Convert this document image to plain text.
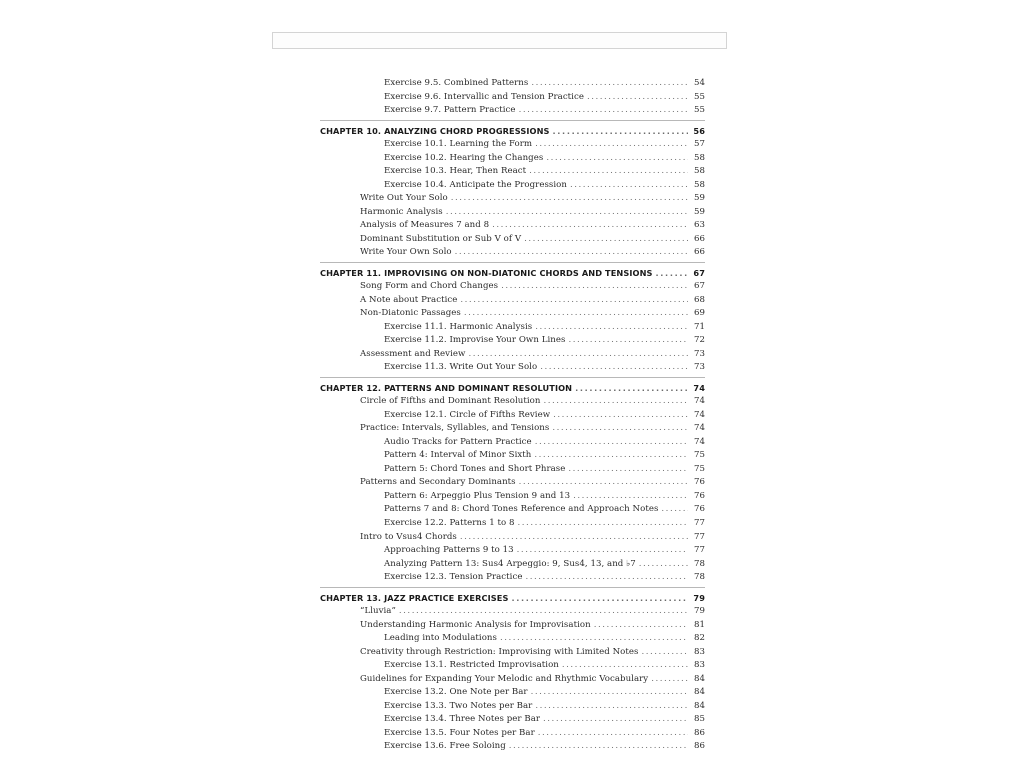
Exercise 9.5. Combined Patterns . . .	54
Exercise 9.6. Intervallic and Tension Practice . . .	55
Exercise 9.7. Pattern Practice . . .	55
CHAPTER 10. ANALYZING CHORD PROGRESSIONS . . .	56
Exercise 10.1. Learning the Form . . .	57
Exercise 10.2. Hearing the Changes . . .	58
Exercise 10.3. Hear, Then React . . .	58
Exercise 10.4. Anticipate the Progression . . .	58
Write Out Your Solo . . .	59
Harmonic Analysis . . .	59
Analysis of Measures 7 and 8 . . .	63
Dominant Substitution or Sub V of V . . .	66
Write Your Own Solo . . .	66
CHAPTER 11. IMPROVISING ON NON-DIATONIC CHORDS AND TENSIONS . . .	67
Song Form and Chord Changes . . .	67
A Note about Practice . . .	68
Non-Diatonic Passages . . .	69
Exercise 11.1. Harmonic Analysis . . .	71
Exercise 11.2. Improvise Your Own Lines . . .	72
Assessment and Review . . .	73
Exercise 11.3. Write Out Your Solo . . .	73
CHAPTER 12. PATTERNS AND DOMINANT RESOLUTION . . .	74
Circle of Fifths and Dominant Resolution . . .	74
Exercise 12.1. Circle of Fifths Review . . .	74
Practice: Intervals, Syllables, and Tensions . . .	74
Audio Tracks for Pattern Practice . . .	74
Pattern 4: Interval of Minor Sixth . . .	75
Pattern 5: Chord Tones and Short Phrase . . .	75
Patterns and Secondary Dominants . . .	76
Pattern 6: Arpeggio Plus Tension 9 and 13 . . .	76
Patterns 7 and 8: Chord Tones Reference and Approach Notes . . .	76
Exercise 12.2. Patterns 1 to 8 . . .	77
Intro to Vsus4 Chords . . .	77
Approaching Patterns 9 to 13 . . .	77
Analyzing Pattern 13: Sus4 Arpeggio: 9, Sus4, 13, and ♭7 . . .	78
Exercise 12.3. Tension Practice . . .	78
CHAPTER 13. JAZZ PRACTICE EXERCISES . . .	79
“Lluvia” . . .	79
Understanding Harmonic Analysis for Improvisation . . .	81
Leading into Modulations . . .	82
Creativity through Restriction: Improvising with Limited Notes . . .	83
Exercise 13.1. Restricted Improvisation . . .	83
Guidelines for Expanding Your Melodic and Rhythmic Vocabulary . . .	84
Exercise 13.2. One Note per Bar . . .	84
Exercise 13.3. Two Notes per Bar . . .	84
Exercise 13.4. Three Notes per Bar . . .	85
Exercise 13.5. Four Notes per Bar . . .	86
Exercise 13.6. Free Soloing . . .	86
